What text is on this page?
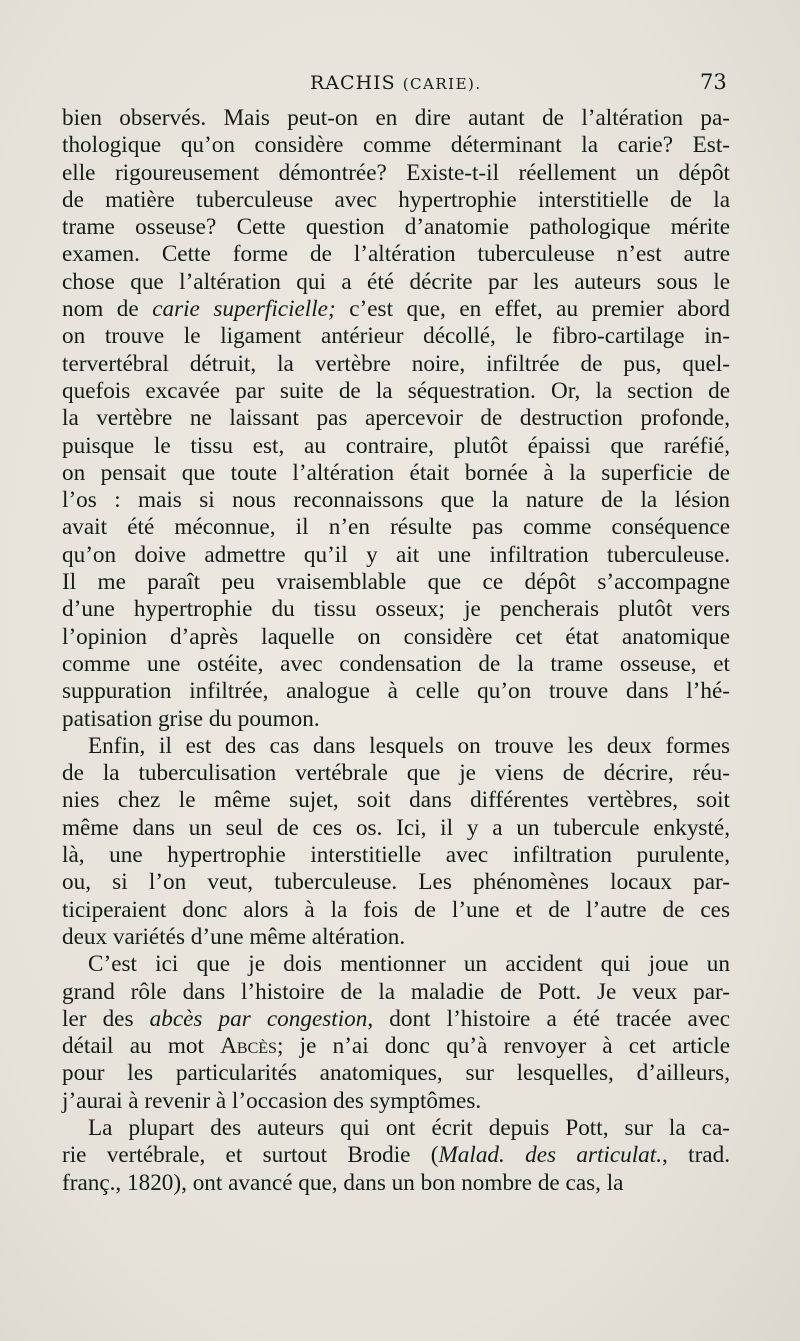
RACHIS (CARIE).	73
bien observés. Mais peut-on en dire autant de l’altération pa-
thologique qu’on considère comme déterminant la carie? Est-
elle rigoureusement démontrée? Existe-t-il réellement un dépôt
de matière tuberculeuse avec hypertrophie interstitielle de la
trame osseuse? Cette question d’anatomie pathologique mérite
examen. Cette forme de l’altération tuberculeuse n’est autre
chose que l’altération qui a été décrite par les auteurs sous le
nom de carie superficielle; c’est que, en effet, au premier abord
on trouve le ligament antérieur décollé, le fibro-cartilage in-
tervertébral détruit, la vertèbre noire, infiltrée de pus, quel-
quefois excavée par suite de la séquestration. Or, la section de
la vertèbre ne laissant pas apercevoir de destruction profonde,
puisque le tissu est, au contraire, plutôt épaissi que raréfié,
on pensait que toute l’altération était bornée à la superficie de
l’os : mais si nous reconnaissons que la nature de la lésion
avait été méconnue, il n’en résulte pas comme conséquence
qu’on doive admettre qu’il y ait une infiltration tuberculeuse.
Il me paraît peu vraisemblable que ce dépôt s’accompagne
d’une hypertrophie du tissu osseux; je pencherais plutôt vers
l’opinion d’après laquelle on considère cet état anatomique
comme une ostéite, avec condensation de la trame osseuse, et
suppuration infiltrée, analogue à celle qu’on trouve dans l’hé-
patisation grise du poumon.
Enfin, il est des cas dans lesquels on trouve les deux formes
de la tuberculisation vertébrale que je viens de décrire, réu-
nies chez le même sujet, soit dans différentes vertèbres, soit
même dans un seul de ces os. Ici, il y a un tubercule enkysté,
là, une hypertrophie interstitielle avec infiltration purulente,
ou, si l’on veut, tuberculeuse. Les phénomènes locaux par-
ticiperaient donc alors à la fois de l’une et de l’autre de ces
deux variétés d’une même altération.
C’est ici que je dois mentionner un accident qui joue un
grand rôle dans l’histoire de la maladie de Pott. Je veux par-
ler des abcès par congestion, dont l’histoire a été tracée avec
détail au mot Abcès; je n’ai donc qu’à renvoyer à cet article
pour les particularités anatomiques, sur lesquelles, d’ailleurs,
j’aurai à revenir à l’occasion des symptômes.
La plupart des auteurs qui ont écrit depuis Pott, sur la ca-
rie vertébrale, et surtout Brodie (Malad. des articulat., trad.
franç., 1820), ont avancé que, dans un bon nombre de cas, la
